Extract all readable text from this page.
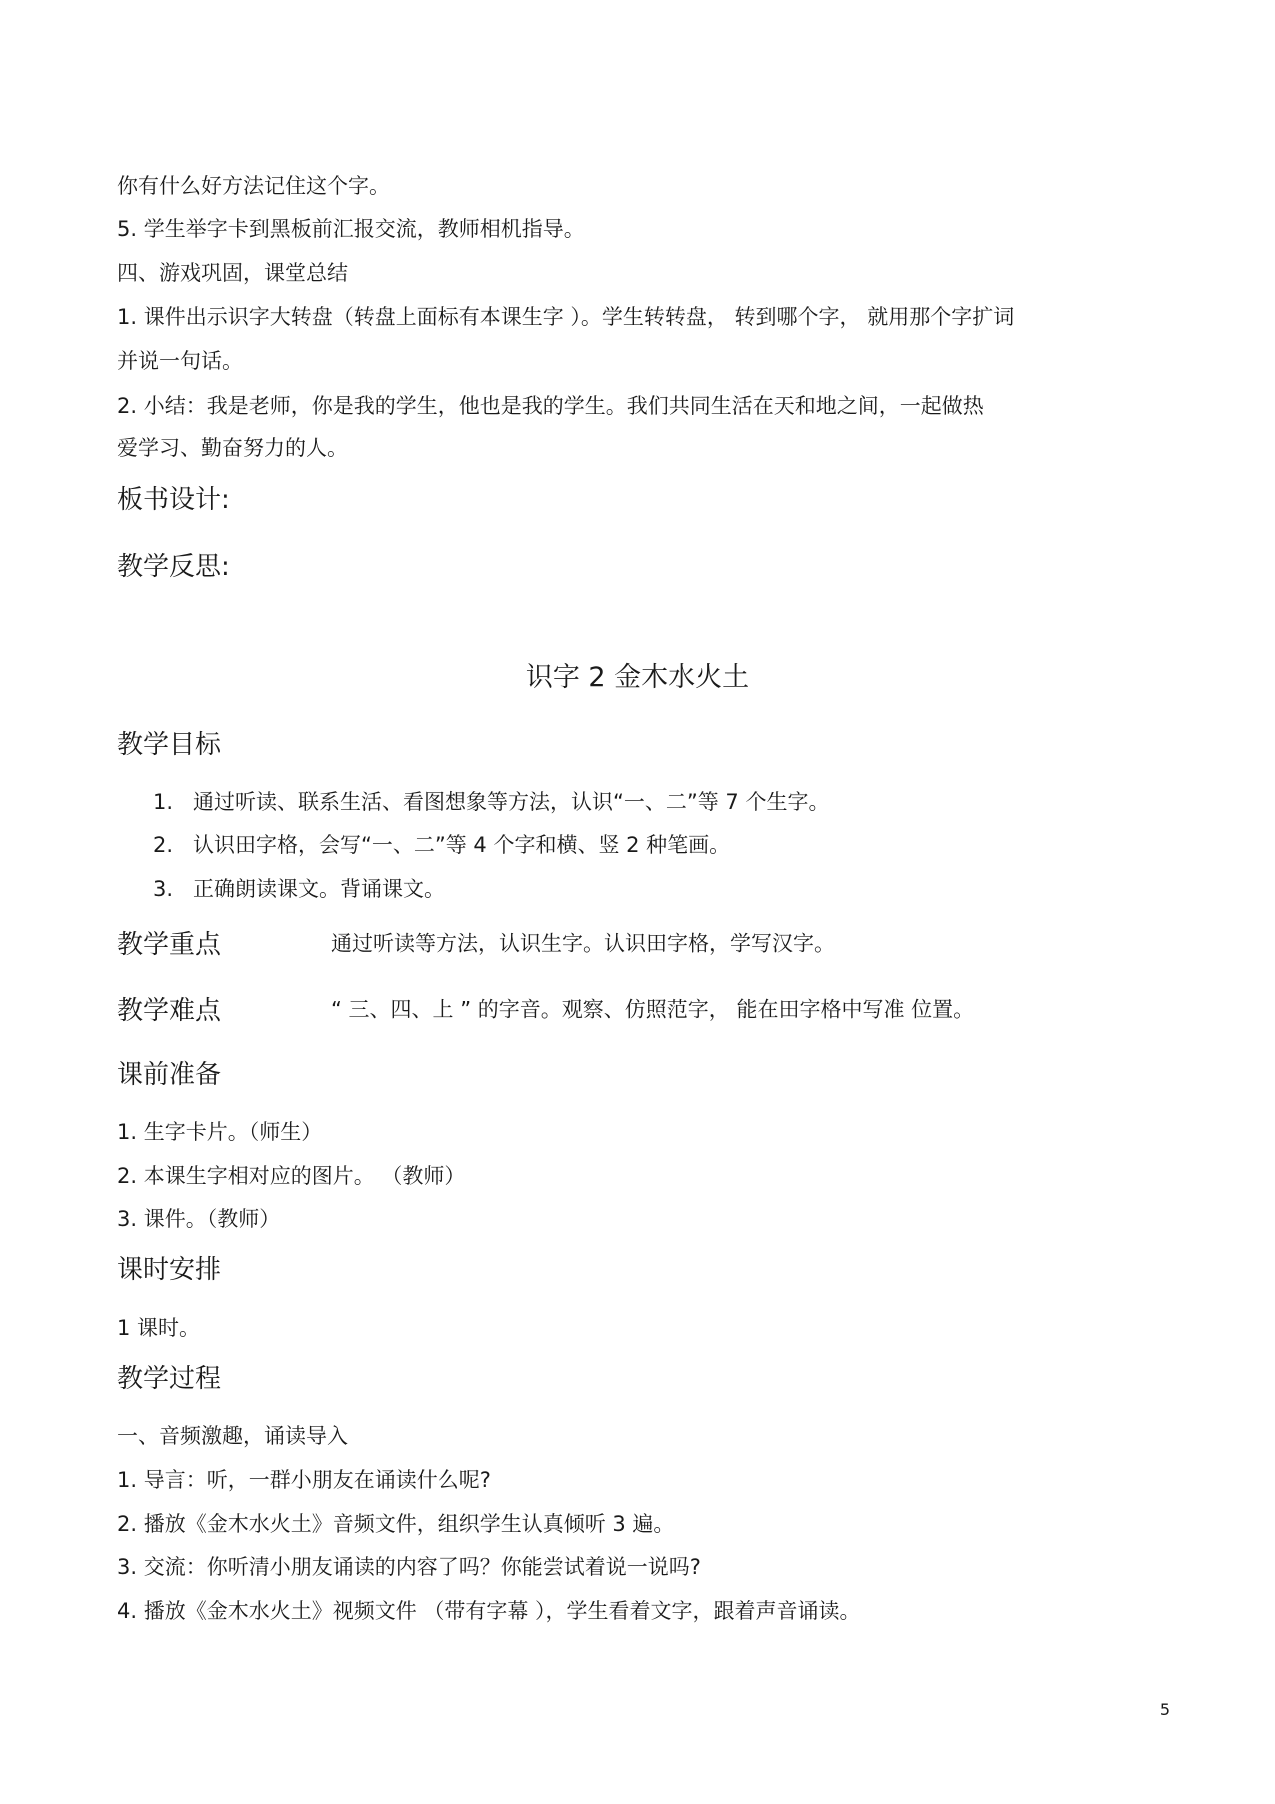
你有什么好方法记住这个字。
5. 学生举字卡到黑板前汇报交流，教师相机指导。
四、游戏巩固，课堂总结
1. 课件出示识字大转盘（转盘上面标有本课生字 ）。学生转转盘， 转到哪个字， 就用那个字扩词
并说一句话。
2. 小结：我是老师，你是我的学生，他也是我的学生。我们共同生活在天和地之间，一起做热
爱学习、勤奋努力的人。
板书设计:
教学反思:
识字 2 金木水火土
教学目标
1. 通过听读、联系生活、看图想象等方法，认识“一、二”等 7 个生字。
2. 认识田字格，会写“一、二”等 4 个字和横、竖 2 种笔画。
3. 正确朗读课文。背诵课文。
教学重点	通过听读等方法，认识生字。认识田字格，学写汉字。
教学难点	“ 三、四、上 ” 的字音。观察、仿照范字， 能在田字格中写准 位置。
课前准备
1. 生字卡片。（师生）
2. 本课生字相对应的图片。 （教师）
3. 课件。（教师）
课时安排
1 课时。
教学过程
一、音频激趣，诵读导入
1. 导言：听，一群小朋友在诵读什么呢?
2. 播放《金木水火土》音频文件，组织学生认真倾听 3 遍。
3. 交流：你听清小朋友诵读的内容了吗？你能尝试着说一说吗?
4. 播放《金木水火土》视频文件 （带有字幕 ），学生看着文字，跟着声音诵读。
5
